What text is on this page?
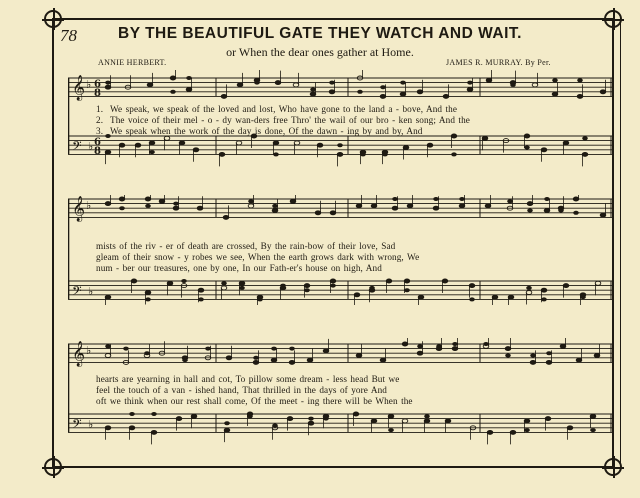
78	BY THE BEAUTIFUL GATE THEY WATCH AND WAIT.
or When the dear ones gather at Home.
ANNIE HERBERT.	JAMES R. MURRAY. By Per.
𝄞 ♭ 6
8
𝄢 ♭ 6
8
1. We speak, we speak of the loved and lost, Who have gone to the land a - bove, And the
2. The voice of their mel - o - dy wan-ders free Thro' the wail of our bro - ken song; And the
3. We speak when the work of the day is done, Of the dawn - ing by and by, And
𝄞 ♭
𝄢 ♭
mists of the riv - er of death are crossed, By the rain-bow of their love, Sad
gleam of their snow - y robes we see, When the earth grows dark with wrong, We
num - ber our treasures, one by one, In our Fath-er's house on high, And
𝄞 ♭
𝄢 ♭
hearts are yearning in hall and cot, To pillow some dream - less head But we
feel the touch of a van - ished hand, That thrilled in the days of yore And
oft we think when our rest shall come, Of the meet - ing there will be When the
